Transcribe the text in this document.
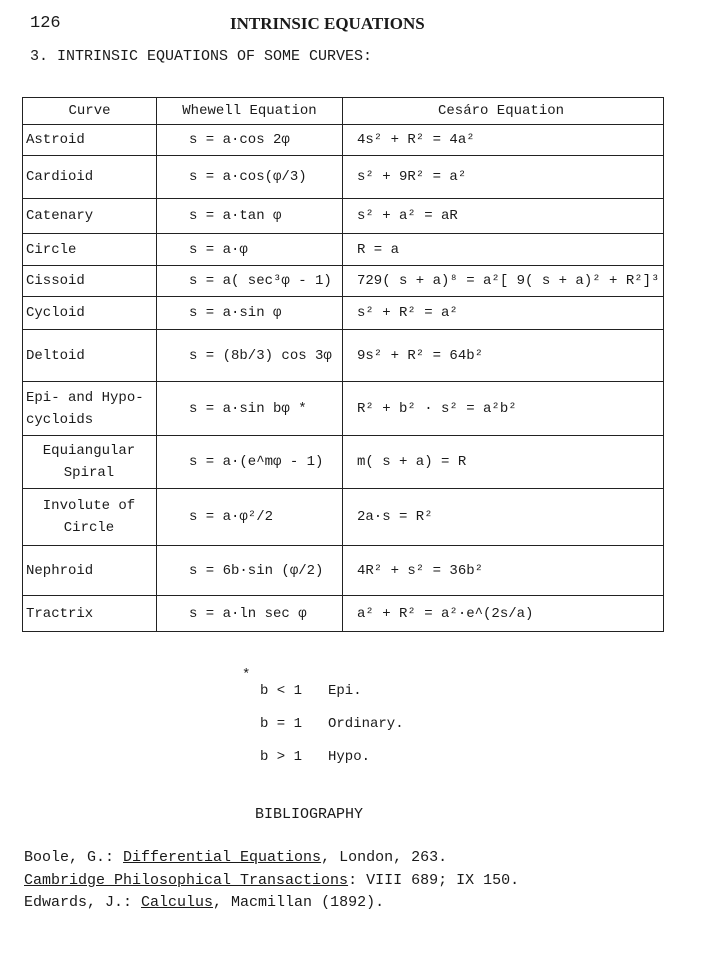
126	INTRINSIC EQUATIONS
3. INTRINSIC EQUATIONS OF SOME CURVES:
Curve	Whewell Equation	Cesáro Equation
Astroid	s = a·cos 2φ	4s² + R² = 4a²
Cardioid	s = a·cos(φ/3)	s² + 9R² = a²
Catenary	s = a·tan φ	s² + a² = aR
Circle	s = a·φ	R = a
Cissoid	s = a( sec³φ - 1)	729( s + a)⁸ = a²[ 9( s + a)² + R²]³
Cycloid	s = a·sin φ	s² + R² = a²
Deltoid	s = (8b/3) cos 3φ	9s² + R² = 64b²
Epi- and Hypo-cycloids	s = a·sin bφ *	R² + b² · s² = a²b²
Equiangular Spiral	s = a·(e^mφ - 1)	m( s + a) = R
Involute of Circle	s = a·φ²/2	2a·s = R²
Nephroid	s = 6b·sin (φ/2)	4R² + s² = 36b²
Tractrix	s = a·ln sec φ	a² + R² = a²·e^(2s/a)
*
b < 1 Epi.
b = 1 Ordinary.
b > 1 Hypo.
BIBLIOGRAPHY
Boole, G.: Differential Equations, London, 263.
Cambridge Philosophical Transactions: VIII 689; IX 150.
Edwards, J.: Calculus, Macmillan (1892).
